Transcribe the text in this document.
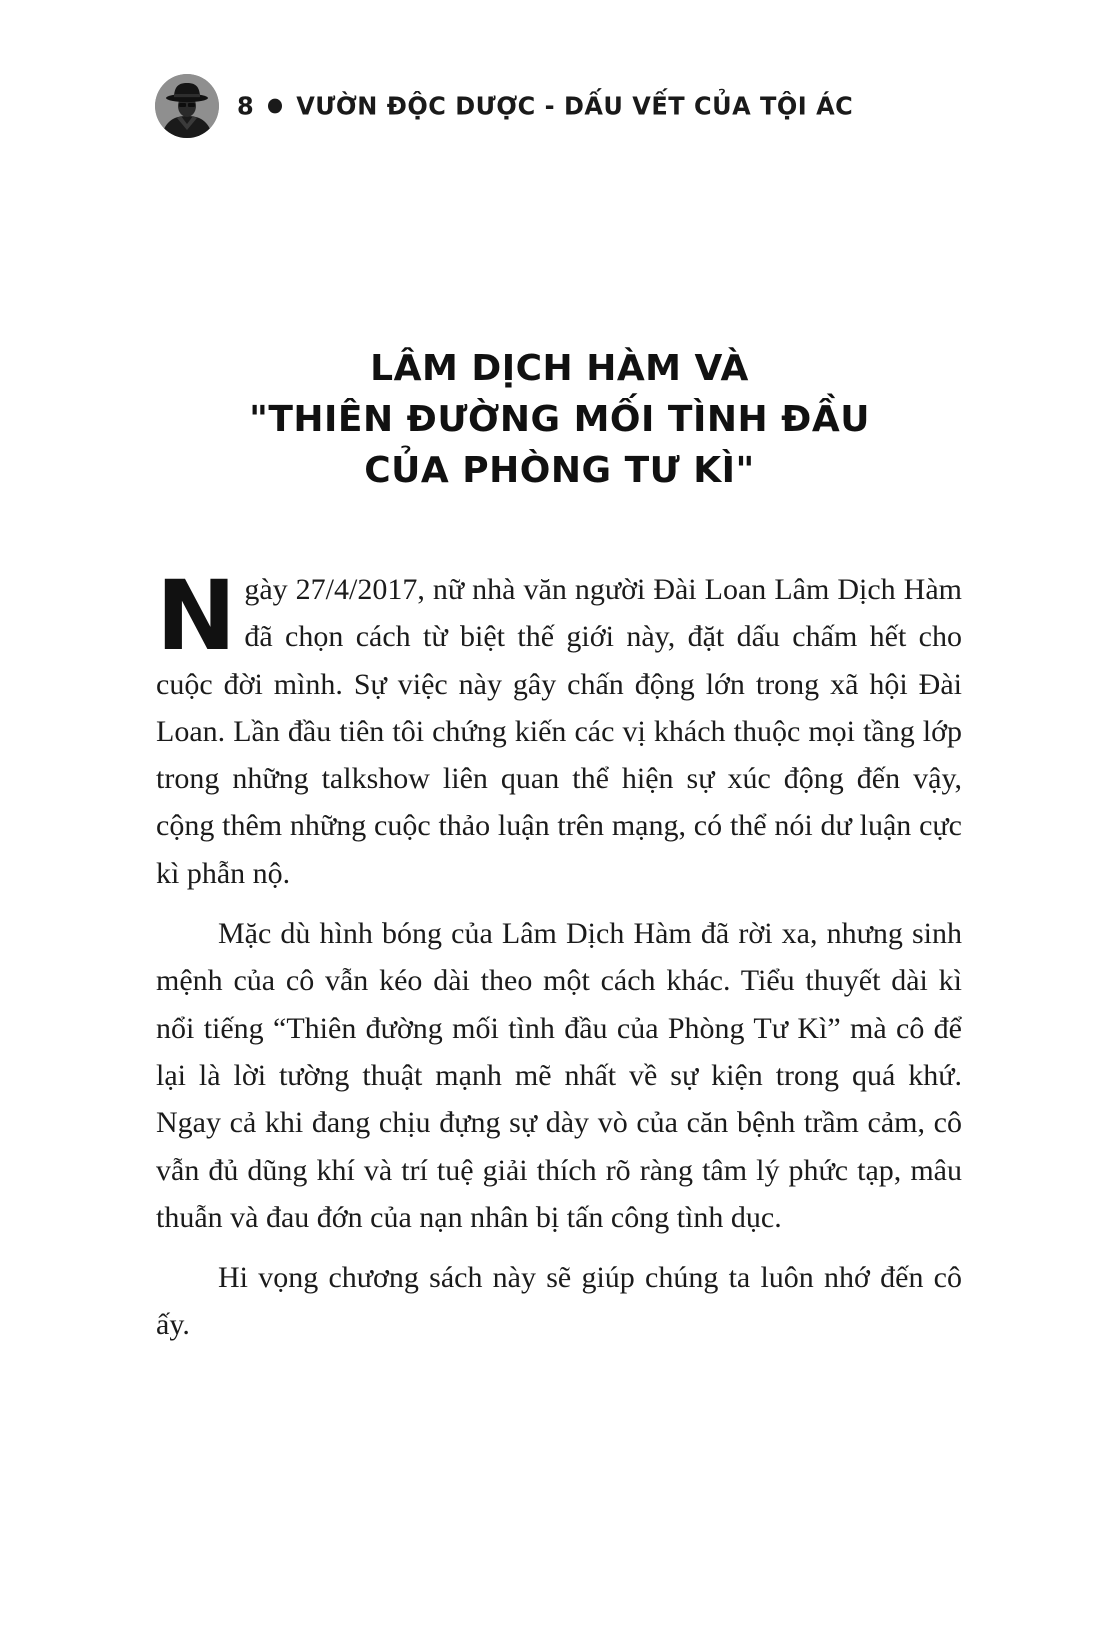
8 VƯỜN ĐỘC DƯỢC - DẤU VẾT CỦA TỘI ÁC
LÂM DỊCH HÀM VÀ
"THIÊN ĐƯỜNG MỐI TÌNH ĐẦU
CỦA PHÒNG TƯ KÌ"

Ngày 27/4/2017, nữ nhà văn người Đài Loan Lâm Dịch Hàm đã chọn cách từ biệt thế giới này, đặt dấu chấm hết cho cuộc đời mình. Sự việc này gây chấn động lớn trong xã hội Đài Loan. Lần đầu tiên tôi chứng kiến các vị khách thuộc mọi tầng lớp trong những talkshow liên quan thể hiện sự xúc động đến vậy, cộng thêm những cuộc thảo luận trên mạng, có thể nói dư luận cực kì phẫn nộ.

Mặc dù hình bóng của Lâm Dịch Hàm đã rời xa, nhưng sinh mệnh của cô vẫn kéo dài theo một cách khác. Tiểu thuyết dài kì nổi tiếng “Thiên đường mối tình đầu của Phòng Tư Kì” mà cô để lại là lời tường thuật mạnh mẽ nhất về sự kiện trong quá khứ. Ngay cả khi đang chịu đựng sự dày vò của căn bệnh trầm cảm, cô vẫn đủ dũng khí và trí tuệ giải thích rõ ràng tâm lý phức tạp, mâu thuẫn và đau đớn của nạn nhân bị tấn công tình dục.

Hi vọng chương sách này sẽ giúp chúng ta luôn nhớ đến cô ấy.
